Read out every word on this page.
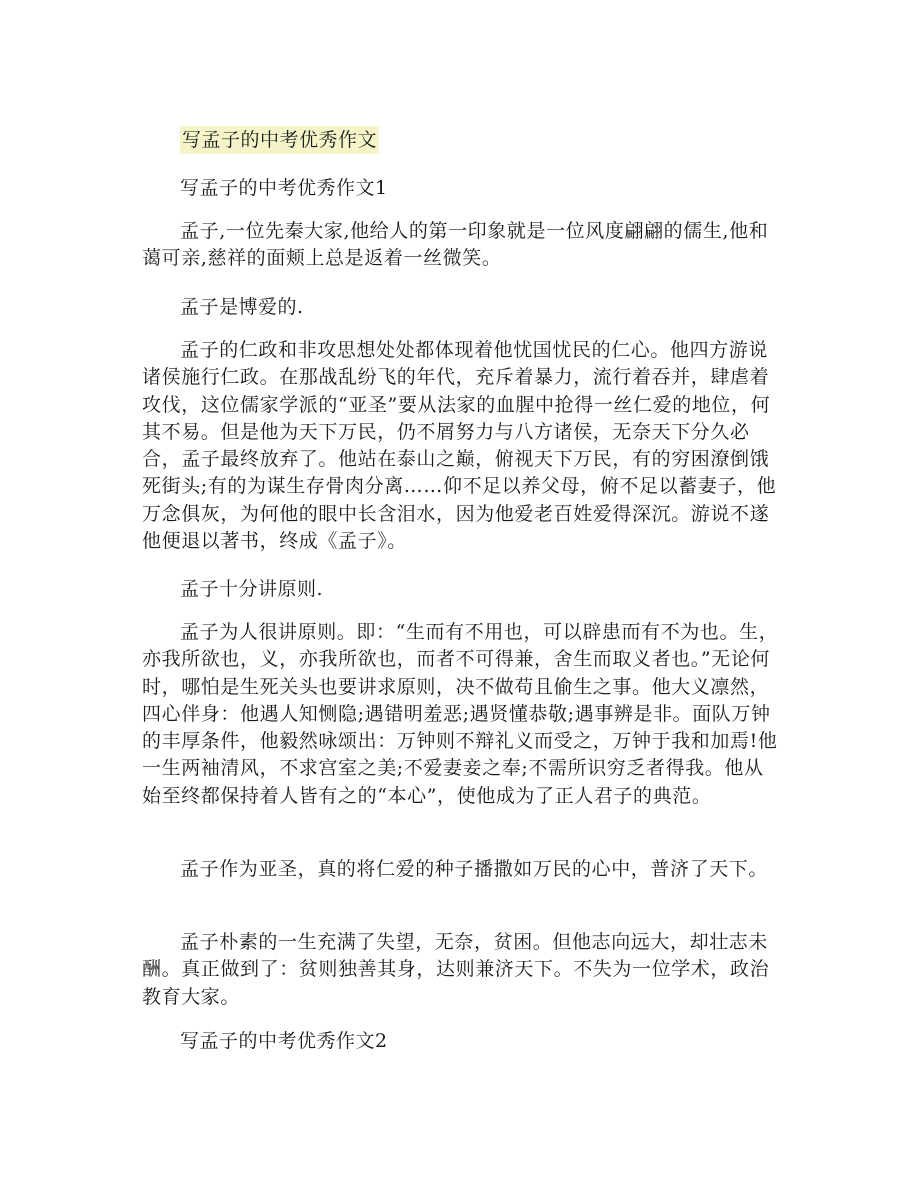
写孟子的中考优秀作文
写孟子的中考优秀作文1

孟子,一位先秦大家,他给人的第一印象就是一位风度翩翩的儒生,他和蔼可亲,慈祥的面颊上总是返着一丝微笑。

孟子是博爱的.

孟子的仁政和非攻思想处处都体现着他忧国忧民的仁心。他四方游说诸侯施行仁政。在那战乱纷飞的年代，充斥着暴力，流行着吞并，肆虐着攻伐，这位儒家学派的“亚圣”要从法家的血腥中抢得一丝仁爱的地位，何其不易。但是他为天下万民，仍不屑努力与八方诸侯，无奈天下分久必合，孟子最终放弃了。他站在泰山之巅，俯视天下万民，有的穷困潦倒饿死街头;有的为谋生存骨肉分离……仰不足以养父母，俯不足以蓄妻子，他万念俱灰，为何他的眼中长含泪水，因为他爱老百姓爱得深沉。游说不遂他便退以著书，终成《孟子》。

孟子十分讲原则.

孟子为人很讲原则。即：“生而有不用也，可以辟患而有不为也。生，亦我所欲也，义，亦我所欲也，而者不可得兼，舍生而取义者也。”无论何时，哪怕是生死关头也要讲求原则，决不做苟且偷生之事。他大义凛然，四心伴身：他遇人知恻隐;遇错明羞恶;遇贤懂恭敬;遇事辨是非。面队万钟的丰厚条件，他毅然咏颂出：万钟则不辩礼义而受之，万钟于我和加焉!他一生两袖清风，不求宫室之美;不爱妻妾之奉;不需所识穷乏者得我。他从始至终都保持着人皆有之的“本心”，使他成为了正人君子的典范。

孟子作为亚圣，真的将仁爱的种子播撒如万民的心中，普济了天下。

孟子朴素的一生充满了失望，无奈，贫困。但他志向远大，却壮志未酬。真正做到了：贫则独善其身，达则兼济天下。不失为一位学术，政治教育大家。

写孟子的中考优秀作文2
